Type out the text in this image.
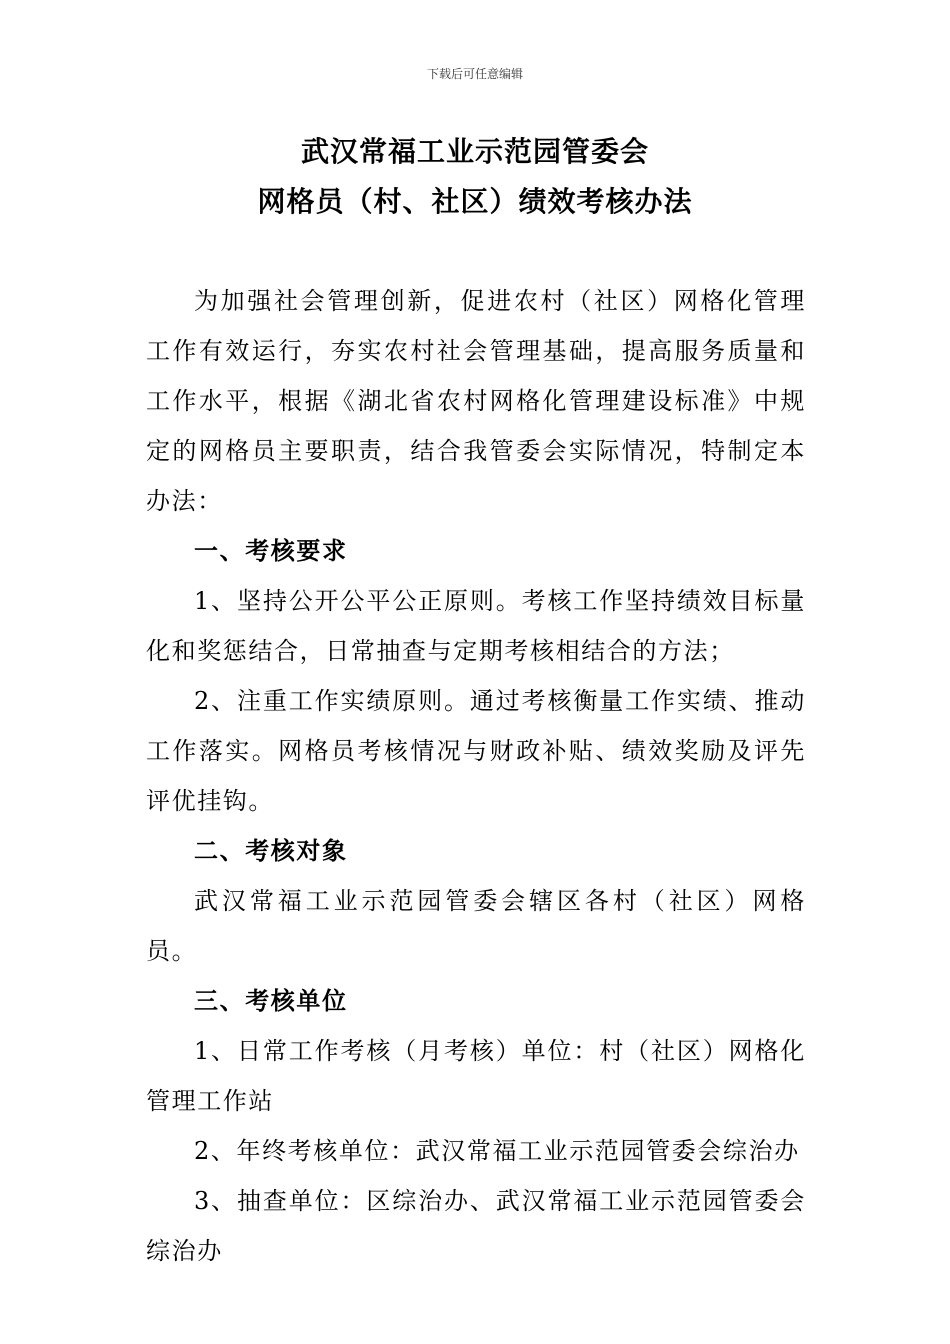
下载后可任意编辑
武汉常福工业示范园管委会
网格员（村、社区）绩效考核办法

为加强社会管理创新，促进农村（社区）网格化管理工作有效运行，夯实农村社会管理基础，提高服务质量和工作水平，根据《湖北省农村网格化管理建设标准》中规定的网格员主要职责，结合我管委会实际情况，特制定本办法：

一、考核要求

1、坚持公开公平公正原则。考核工作坚持绩效目标量化和奖惩结合，日常抽查与定期考核相结合的方法；

2、注重工作实绩原则。通过考核衡量工作实绩、推动工作落实。网格员考核情况与财政补贴、绩效奖励及评先评优挂钩。

二、考核对象

武汉常福工业示范园管委会辖区各村（社区）网格员。

三、考核单位

1、日常工作考核（月考核）单位：村（社区）网格化管理工作站

2、年终考核单位：武汉常福工业示范园管委会综治办

3、抽查单位：区综治办、武汉常福工业示范园管委会综治办
